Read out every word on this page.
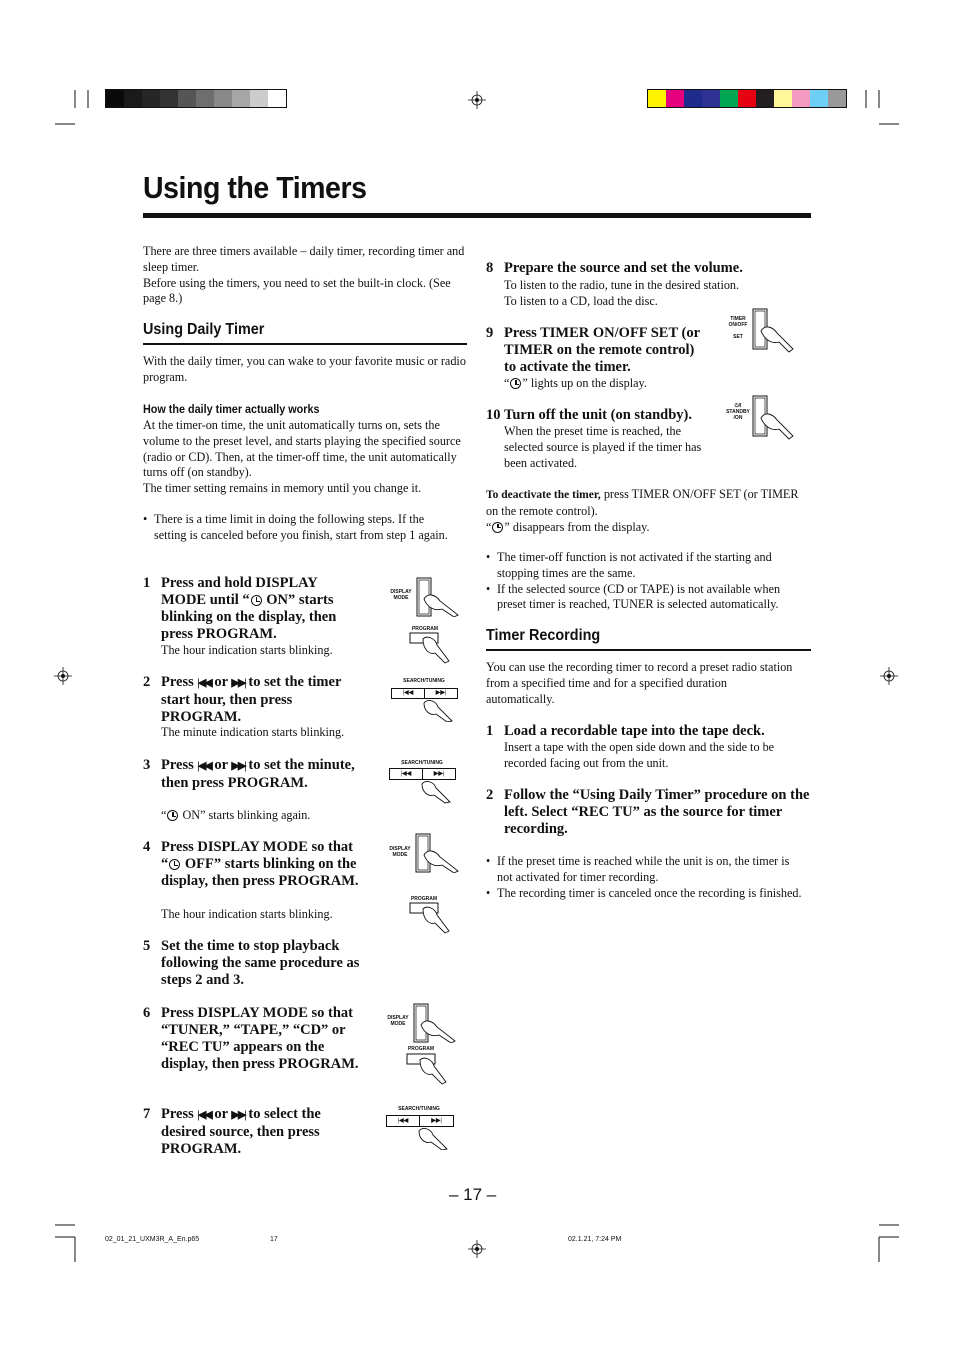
Using the Timers
There are three timers available – daily timer, recording timer and sleep timer.
Before using the timers, you need to set the built-in clock. (See page 8.)
Using Daily Timer
With the daily timer, you can wake to your favorite music or radio program.
How the daily timer actually works
At the timer-on time, the unit automatically turns on, sets the volume to the preset level, and starts playing the specified source (radio or CD). Then, at the timer-off time, the unit automatically turns off (on standby).
The timer setting remains in memory until you change it.
• There is a time limit in doing the following steps. If the setting is canceled before you finish, start from step 1 again.
1 Press and hold DISPLAY MODE until “ ON” starts blinking on the display, then press PROGRAM.
The hour indication starts blinking.
2 Press |◀◀ or ▶▶| to set the timer start hour, then press PROGRAM.
The minute indication starts blinking.
3 Press |◀◀ or ▶▶| to set the minute, then press PROGRAM.
“ ON” starts blinking again.
4 Press DISPLAY MODE so that “ OFF” starts blinking on the display, then press PROGRAM.
The hour indication starts blinking.
5 Set the time to stop playback following the same procedure as steps 2 and 3.
6 Press DISPLAY MODE so that “TUNER,” “TAPE,” “CD” or “REC TU” appears on the display, then press PROGRAM.
7 Press |◀◀ or ▶▶| to select the desired source, then press PROGRAM.
DISPLAY MODE
PROGRAM
SEARCH/TUNING
|◀◀	▶▶|
SEARCH/TUNING
|◀◀	▶▶|
DISPLAY MODE
PROGRAM
DISPLAY MODE
PROGRAM
SEARCH/TUNING
|◀◀	▶▶|
8 Prepare the source and set the volume.
To listen to the radio, tune in the desired station.
To listen to a CD, load the disc.
9 Press TIMER ON/OFF SET (or TIMER on the remote control) to activate the timer.
“ ” lights up on the display.
10 Turn off the unit (on standby).
When the preset time is reached, the selected source is played if the timer has been activated.
TIMER ON/OFF
SET
⏻/I STANDBY /ON
To deactivate the timer, press TIMER ON/OFF SET (or TIMER on the remote control).
“ ” disappears from the display.
• The timer-off function is not activated if the starting and stopping times are the same.
• If the selected source (CD or TAPE) is not available when preset timer is reached, TUNER is selected automatically.
Timer Recording
You can use the recording timer to record a preset radio station from a specified time and for a specified duration automatically.
1 Load a recordable tape into the tape deck.
Insert a tape with the open side down and the side to be recorded facing out from the unit.
2 Follow the “Using Daily Timer” procedure on the left. Select “REC TU” as the source for timer recording.
• If the preset time is reached while the unit is on, the timer is not activated for timer recording.
• The recording timer is canceled once the recording is finished.
– 17 –
02_01_21_UXM3R_A_En.p65	17	02.1.21, 7:24 PM
